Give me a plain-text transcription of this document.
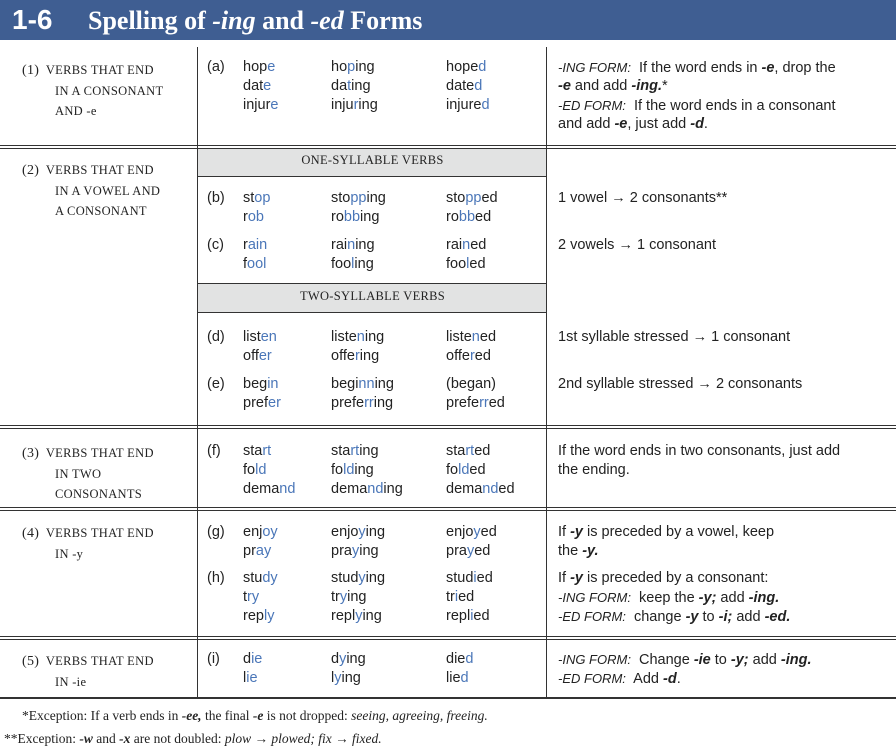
1-6 Spelling of -ing and -ed Forms
ONE-SYLLABLE VERBS
TWO-SYLLABLE VERBS
(1) VERBS THAT END
IN A CONSONANT
AND -e
(2) VERBS THAT END
IN A VOWEL AND
A CONSONANT
(3) VERBS THAT END
IN TWO
CONSONANTS
(4) VERBS THAT END
IN -y
(5) VERBS THAT END
IN -ie
(a) hope
date
injure
hoping
dating
injuring
hoped
dated
injured
(b) stop
rob
stopping
robbing
stopped
robbed
(c) rain
fool
raining
fooling
rained
fooled
(d) listen
offer
listening
offering
listened
offered
(e) begin
prefer
beginning
preferring
(began)
preferred
(f) start
fold
demand
starting
folding
demanding
started
folded
demanded
(g) enjoy
pray
enjoying
praying
enjoyed
prayed
(h) study
try
reply
studying
trying
replying
studied
tried
replied
(i) die
lie
dying
lying
died
lied
-ING FORM: If the word ends in -e, drop the
-e and add -ing.*
-ED FORM: If the word ends in a consonant
and add -e, just add -d.
1 vowel → 2 consonants**
2 vowels → 1 consonant
1st syllable stressed → 1 consonant
2nd syllable stressed → 2 consonants
If the word ends in two consonants, just add
the ending.
If -y is preceded by a vowel, keep
the -y.
If -y is preceded by a consonant:
-ING FORM: keep the -y; add -ing.
-ED FORM: change -y to -i; add -ed.
-ING FORM: Change -ie to -y; add -ing.
-ED FORM: Add -d.
*Exception: If a verb ends in -ee, the final -e is not dropped: seeing, agreeing, freeing.
**Exception: -w and -x are not doubled: plow → plowed; fix → fixed.
